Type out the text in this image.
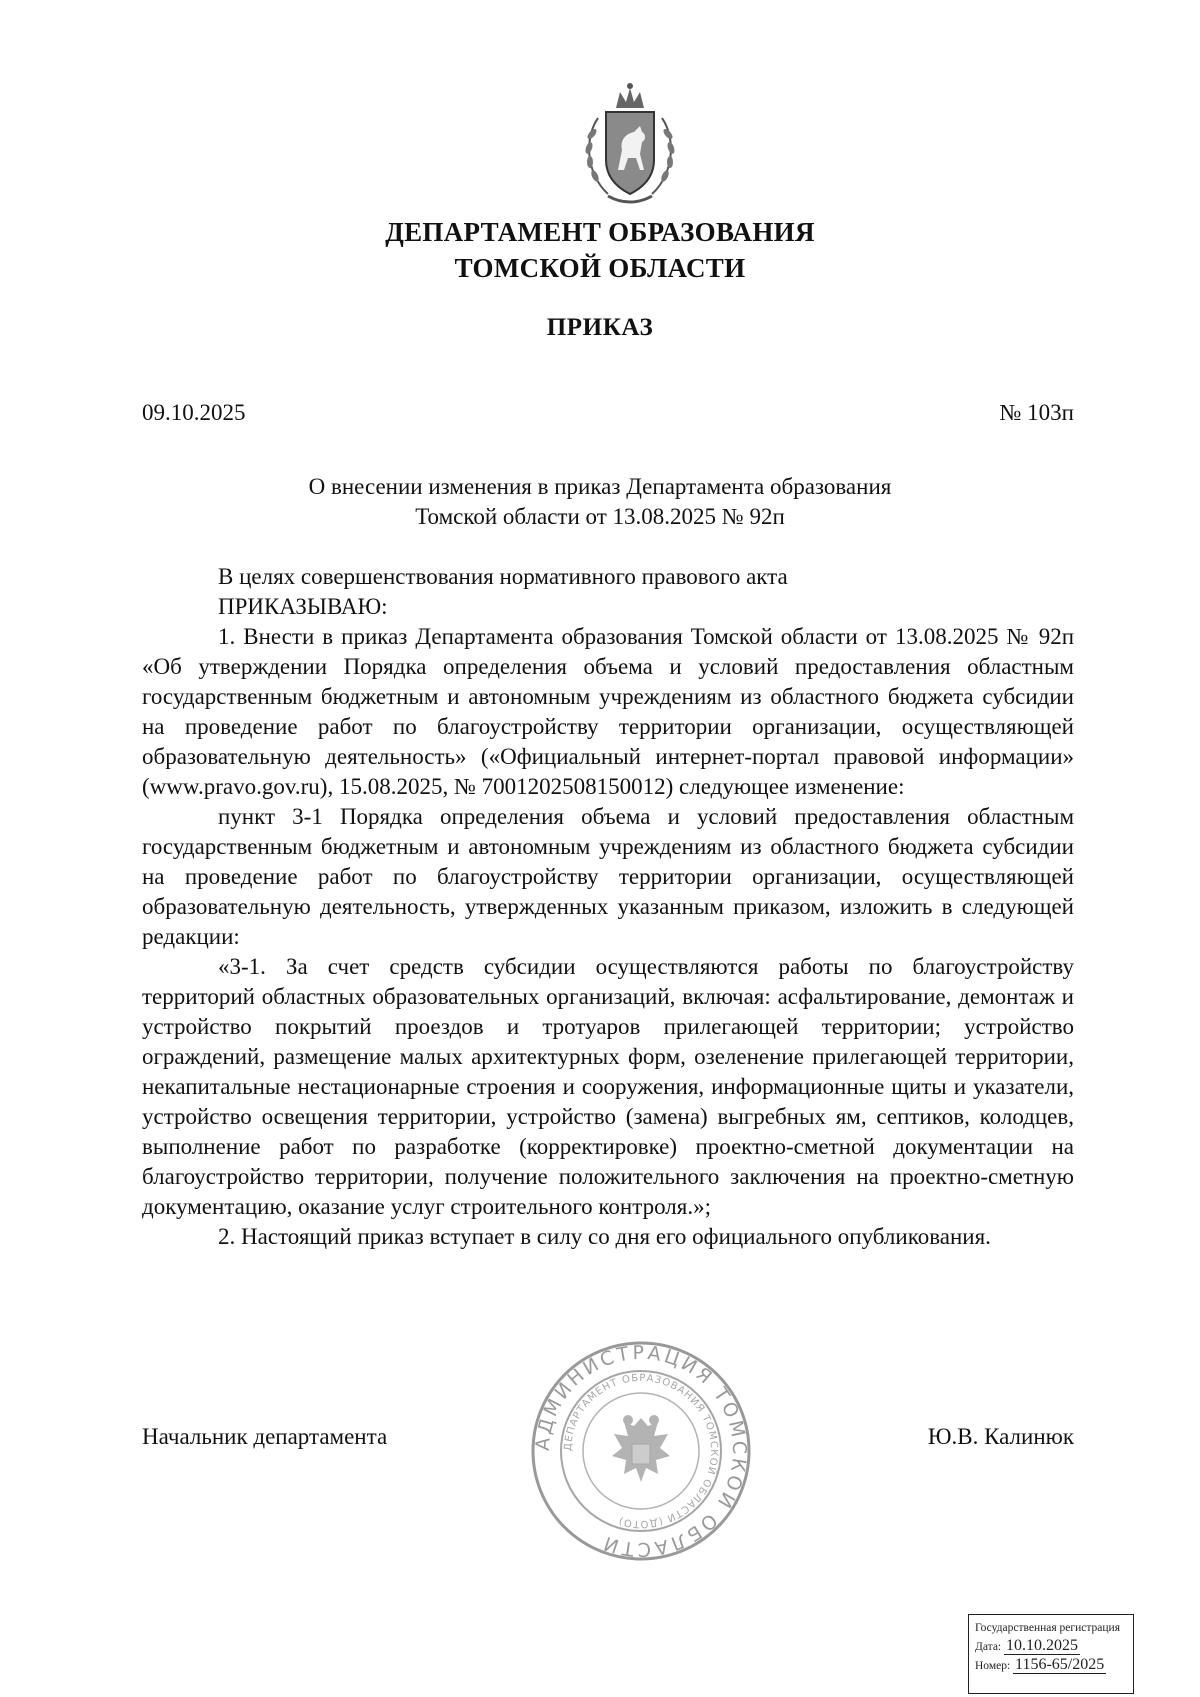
ДЕПАРТАМЕНТ ОБРАЗОВАНИЯ
ТОМСКОЙ ОБЛАСТИ
ПРИКАЗ
09.10.2025	№ 103п
О внесении изменения в приказ Департамента образования
Томской области от 13.08.2025 № 92п

В целях совершенствования нормативного правового акта

ПРИКАЗЫВАЮ:

1. Внести в приказ Департамента образования Томской области от 13.08.2025 № 92п «Об утверждении Порядка определения объема и условий предоставления областным государственным бюджетным и автономным учреждениям из областного бюджета субсидии на проведение работ по благоустройству территории организации, осуществляющей образовательную деятельность» («Официальный интернет-портал правовой информации» (www.pravo.gov.ru), 15.08.2025, № 7001202508150012) следующее изменение:

пункт 3-1 Порядка определения объема и условий предоставления областным государственным бюджетным и автономным учреждениям из областного бюджета субсидии на проведение работ по благоустройству территории организации, осуществляющей образовательную деятельность, утвержденных указанным приказом, изложить в следующей редакции:

«3-1. За счет средств субсидии осуществляются работы по благоустройству территорий областных образовательных организаций, включая: асфальтирование, демонтаж и устройство покрытий проездов и тротуаров прилегающей территории; устройство ограждений, размещение малых архитектурных форм, озеленение прилегающей территории, некапитальные нестационарные строения и сооружения, информационные щиты и указатели, устройство освещения территории, устройство (замена) выгребных ям, септиков, колодцев, выполнение работ по разработке (корректировке) проектно-сметной документации на благоустройство территории, получение положительного заключения на проектно-сметную документацию, оказание услуг строительного контроля.»;

2. Настоящий приказ вступает в силу со дня его официального опубликования.

АДМИНИСТРАЦИЯ ТОМСКОЙ ОБЛАСТИ
ДЕПАРТАМЕНТ ОБРАЗОВАНИЯ ТОМСКОЙ ОБЛАСТИ (ДОТО)
Начальник департамента	Ю.В. Калинюк
Государственная регистрация
Дата: 10.10.2025
Номер: 1156-65/2025
